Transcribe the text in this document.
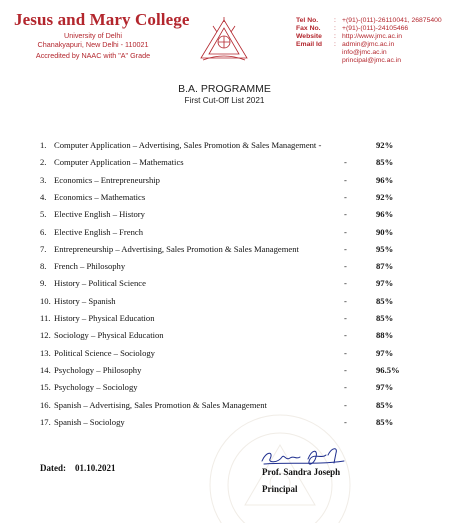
Jesus and Mary College
University of Delhi
Chanakyapuri, New Delhi - 110021
Accredited by NAAC with "A" Grade
Tel No.	: +(91)-(011)-26110041, 26875400
Fax No.	: +(91)-(011)-24105466
Website	: http://www.jmc.ac.in
Email Id	: admin@jmc.ac.in
info@jmc.ac.in
principal@jmc.ac.in
B.A. PROGRAMME
First Cut-Off List 2021
1. Computer Application – Advertising, Sales Promotion & Sales Management -	92%
2. Computer Application – Mathematics	-	85%
3. Economics – Entrepreneurship	-	96%
4. Economics – Mathematics	-	92%
5. Elective English – History	-	96%
6. Elective English – French	-	90%
7. Entrepreneurship – Advertising, Sales Promotion & Sales Management	-	95%
8. French – Philosophy	-	87%
9. History – Political Science	-	97%
10. History – Spanish	-	85%
11. History – Physical Education	-	85%
12. Sociology – Physical Education	-	88%
13. Political Science – Sociology	-	97%
14. Psychology – Philosophy	-	96.5%
15. Psychology – Sociology	-	97%
16. Spanish – Advertising, Sales Promotion & Sales Management	-	85%
17. Spanish – Sociology	-	85%
Dated: 01.10.2021	Prof. Sandra Joseph
Principal
